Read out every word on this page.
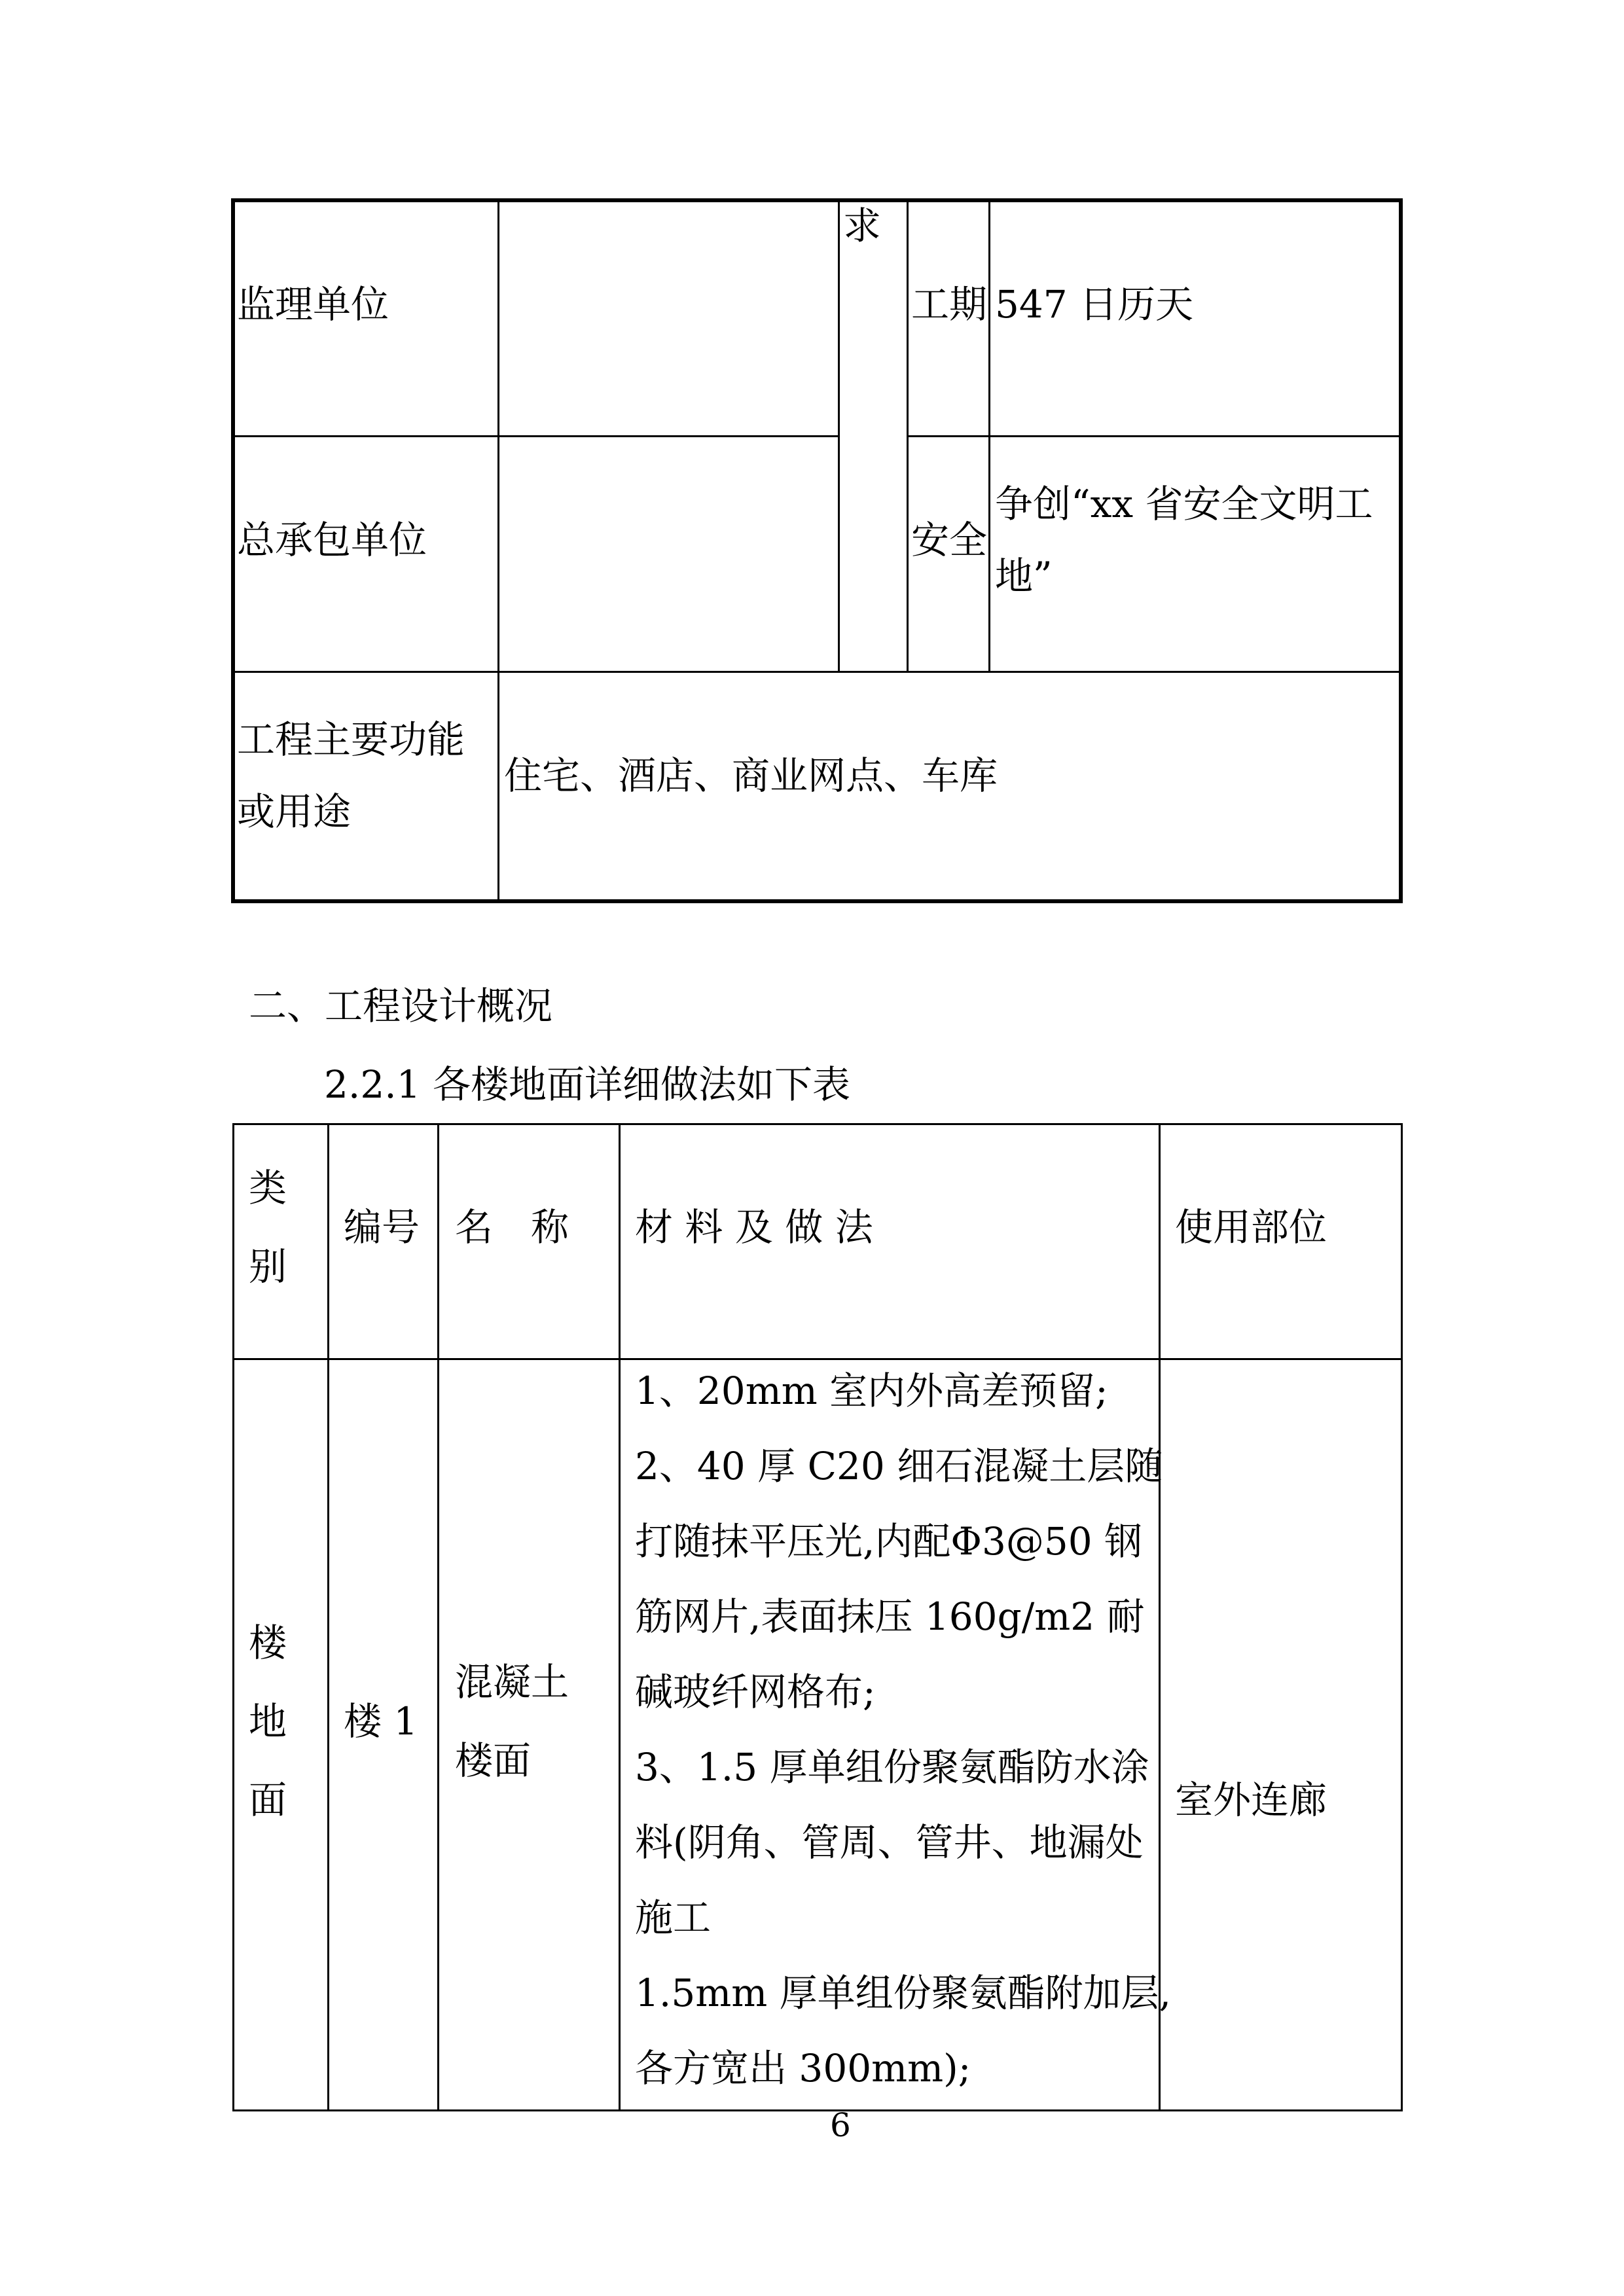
监理单位
求
工期 547 日历天
总承包单位	安全
争创“xx 省安全文明工
地”
工程主要功能
或用途
住宅、酒店、商业网点、车库
二、工程设计概况
2.2.1 各楼地面详细做法如下表
类
别
编号 名　称 材 料 及 做 法	使用部位
楼
地
面
楼 1
混凝土
楼面
室外连廊
1、20mm 室内外高差预留;
2、40 厚 C20 细石混凝土层随
打随抹平压光,内配Φ3@50 钢
筋网片,表面抹压 160g/m2 耐
碱玻纤网格布;
3、1.5 厚单组份聚氨酯防水涂
料(阴角、管周、管井、地漏处
施工
1.5mm 厚单组份聚氨酯附加层,
各方宽出 300mm);
6
